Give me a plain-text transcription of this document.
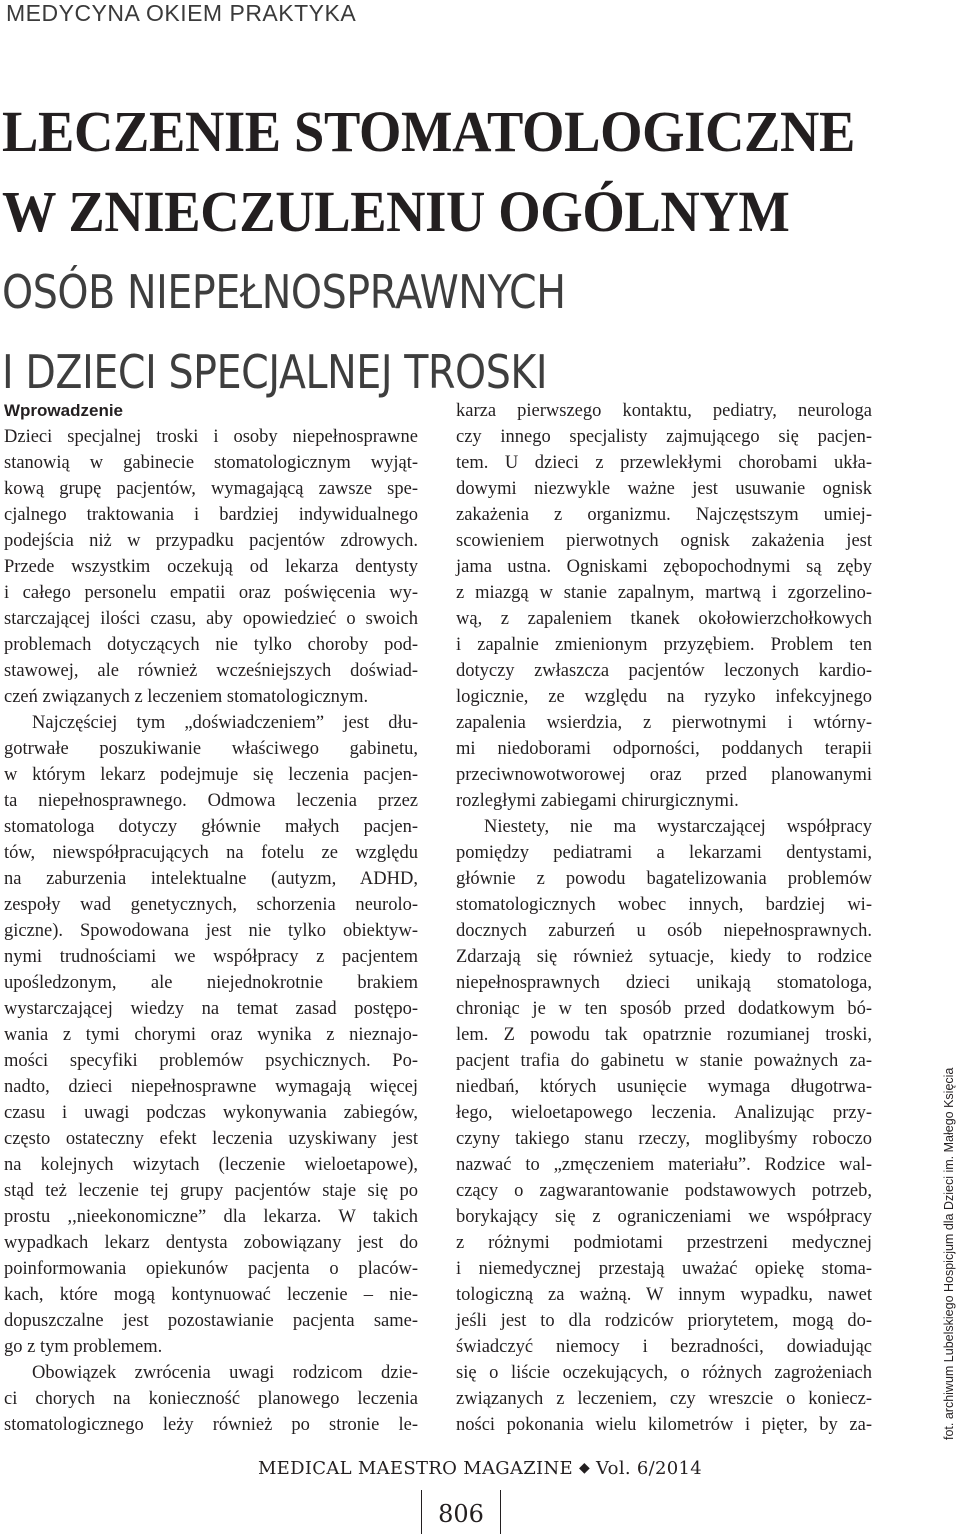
MEDYCYNA OKIEM PRAKTYKA
LECZENIE STOMATOLOGICZNE
W ZNIECZULENIU OGÓLNYM
OSÓB NIEPEŁNOSPRAWNYCH
I DZIECI SPECJALNEJ TROSKI
Wprowadzenie
Dzieci specjalnej troski i osoby niepełnosprawne
stanowią w gabinecie stomatologicznym wyjąt-
kową grupę pacjentów, wymagającą zawsze spe-
cjalnego traktowania i bardziej indywidualnego
podejścia niż w przypadku pacjentów zdrowych.
Przede wszystkim oczekują od lekarza dentysty
i całego personelu empatii oraz poświęcenia wy-
starczającej ilości czasu, aby opowiedzieć o swoich
problemach dotyczących nie tylko choroby pod-
stawowej, ale również wcześniejszych doświad-
czeń związanych z leczeniem stomatologicznym.
Najczęściej tym „doświadczeniem” jest dłu-
gotrwałe poszukiwanie właściwego gabinetu,
w którym lekarz podejmuje się leczenia pacjen-
ta niepełnosprawnego. Odmowa leczenia przez
stomatologa dotyczy głównie małych pacjen-
tów, niewspółpracujących na fotelu ze względu
na zaburzenia intelektualne (autyzm, ADHD,
zespoły wad genetycznych, schorzenia neurolo-
giczne). Spowodowana jest nie tylko obiektyw-
nymi trudnościami we współpracy z pacjentem
upośledzonym, ale niejednokrotnie brakiem
wystarczającej wiedzy na temat zasad postępo-
wania z tymi chorymi oraz wynika z nieznajo-
mości specyfiki problemów psychicznych. Po-
nadto, dzieci niepełnosprawne wymagają więcej
czasu i uwagi podczas wykonywania zabiegów,
często ostateczny efekt leczenia uzyskiwany jest
na kolejnych wizytach (leczenie wieloetapowe),
stąd też leczenie tej grupy pacjentów staje się po
prostu ,,nieekonomiczne” dla lekarza. W takich
wypadkach lekarz dentysta zobowiązany jest do
poinformowania opiekunów pacjenta o placów-
kach, które mogą kontynuować leczenie – nie-
dopuszczalne jest pozostawianie pacjenta same-
go z tym problemem.
Obowiązek zwrócenia uwagi rodzicom dzie-
ci chorych na konieczność planowego leczenia
stomatologicznego leży również po stronie le-
karza pierwszego kontaktu, pediatry, neurologa
czy innego specjalisty zajmującego się pacjen-
tem. U dzieci z przewlekłymi chorobami ukła-
dowymi niezwykle ważne jest usuwanie ognisk
zakażenia z organizmu. Najczęstszym umiej-
scowieniem pierwotnych ognisk zakażenia jest
jama ustna. Ogniskami zębopochodnymi są zęby
z miazgą w stanie zapalnym, martwą i zgorzelino-
wą, z zapaleniem tkanek okołowierzchołkowych
i zapalnie zmienionym przyzębiem. Problem ten
dotyczy zwłaszcza pacjentów leczonych kardio-
logicznie, ze względu na ryzyko infekcyjnego
zapalenia wsierdzia, z pierwotnymi i wtórny-
mi niedoborami odporności, poddanych terapii
przeciwnowotworowej oraz przed planowanymi
rozległymi zabiegami chirurgicznymi.
Niestety, nie ma wystarczającej współpracy
pomiędzy pediatrami a lekarzami dentystami,
głównie z powodu bagatelizowania problemów
stomatologicznych wobec innych, bardziej wi-
docznych zaburzeń u osób niepełnosprawnych.
Zdarzają się również sytuacje, kiedy to rodzice
niepełnosprawnych dzieci unikają stomatologa,
chroniąc je w ten sposób przed dodatkowym bó-
lem. Z powodu tak opatrznie rozumianej troski,
pacjent trafia do gabinetu w stanie poważnych za-
niedbań, których usunięcie wymaga długotrwa-
łego, wieloetapowego leczenia. Analizując przy-
czyny takiego stanu rzeczy, moglibyśmy roboczo
nazwać to „zmęczeniem materiału”. Rodzice wal-
czący o zagwarantowanie podstawowych potrzeb,
borykający się z ograniczeniami we współpracy
z różnymi podmiotami przestrzeni medycznej
i niemedycznej przestają uważać opiekę stoma-
tologiczną za ważną. W innym wypadku, nawet
jeśli jest to dla rodziców priorytetem, mogą do-
świadczyć niemocy i bezradności, dowiadując
się o liście oczekujących, o różnych zagrożeniach
związanych z leczeniem, czy wreszcie o koniecz-
ności pokonania wielu kilometrów i pięter, by za-	fot. archiwum Lubelskiego Hospicjum dla Dzieci im. Małego Księcia
MEDICAL MAESTRO MAGAZINE ◆ Vol. 6/2014
806
